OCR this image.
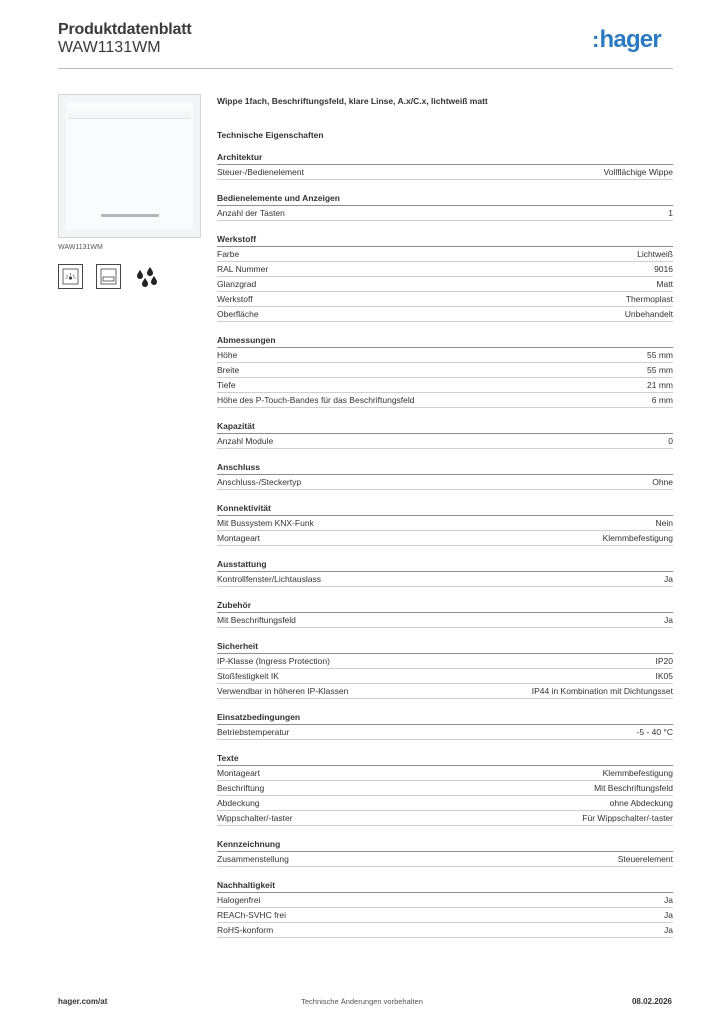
Produktdatenblatt
WAW1131WM	:hager
WAW1131WM
Wippe 1fach, Beschriftungsfeld, klare Linse, A.x/C.x, lichtweiß matt
Technische Eigenschaften
Architektur
Steuer-/Bedienelement	Vollflächige Wippe
Bedienelemente und Anzeigen
Anzahl der Tasten	1
Werkstoff
Farbe	Lichtweiß
RAL Nummer	9016
Glanzgrad	Matt
Werkstoff	Thermoplast
Oberfläche	Unbehandelt
Abmessungen
Höhe	55 mm
Breite	55 mm
Tiefe	21 mm
Höhe des P-Touch-Bandes für das Beschriftungsfeld	6 mm
Kapazität
Anzahl Module	0
Anschluss
Anschluss-/Steckertyp	Ohne
Konnektivität
Mit Bussystem KNX-Funk	Nein
Montageart	Klemmbefestigung
Ausstattung
Kontrollfenster/Lichtauslass	Ja
Zubehör
Mit Beschriftungsfeld	Ja
Sicherheit
IP-Klasse (Ingress Protection)	IP20
Stoßfestigkeit IK	IK05
Verwendbar in höheren IP-Klassen	IP44 in Kombination mit Dichtungsset
Einsatzbedingungen
Betriebstemperatur	-5 - 40 °C
Texte
Montageart	Klemmbefestigung
Beschriftung	Mit Beschriftungsfeld
Abdeckung	ohne Abdeckung
Wippschalter/-taster	Für Wippschalter/-taster
Kennzeichnung
Zusammenstellung	Steuerelement
Nachhaltigkeit
Halogenfrei	Ja
REACh-SVHC frei	Ja
RoHS-konform	Ja
hager.com/at	Technische Änderungen vorbehalten	08.02.2026
